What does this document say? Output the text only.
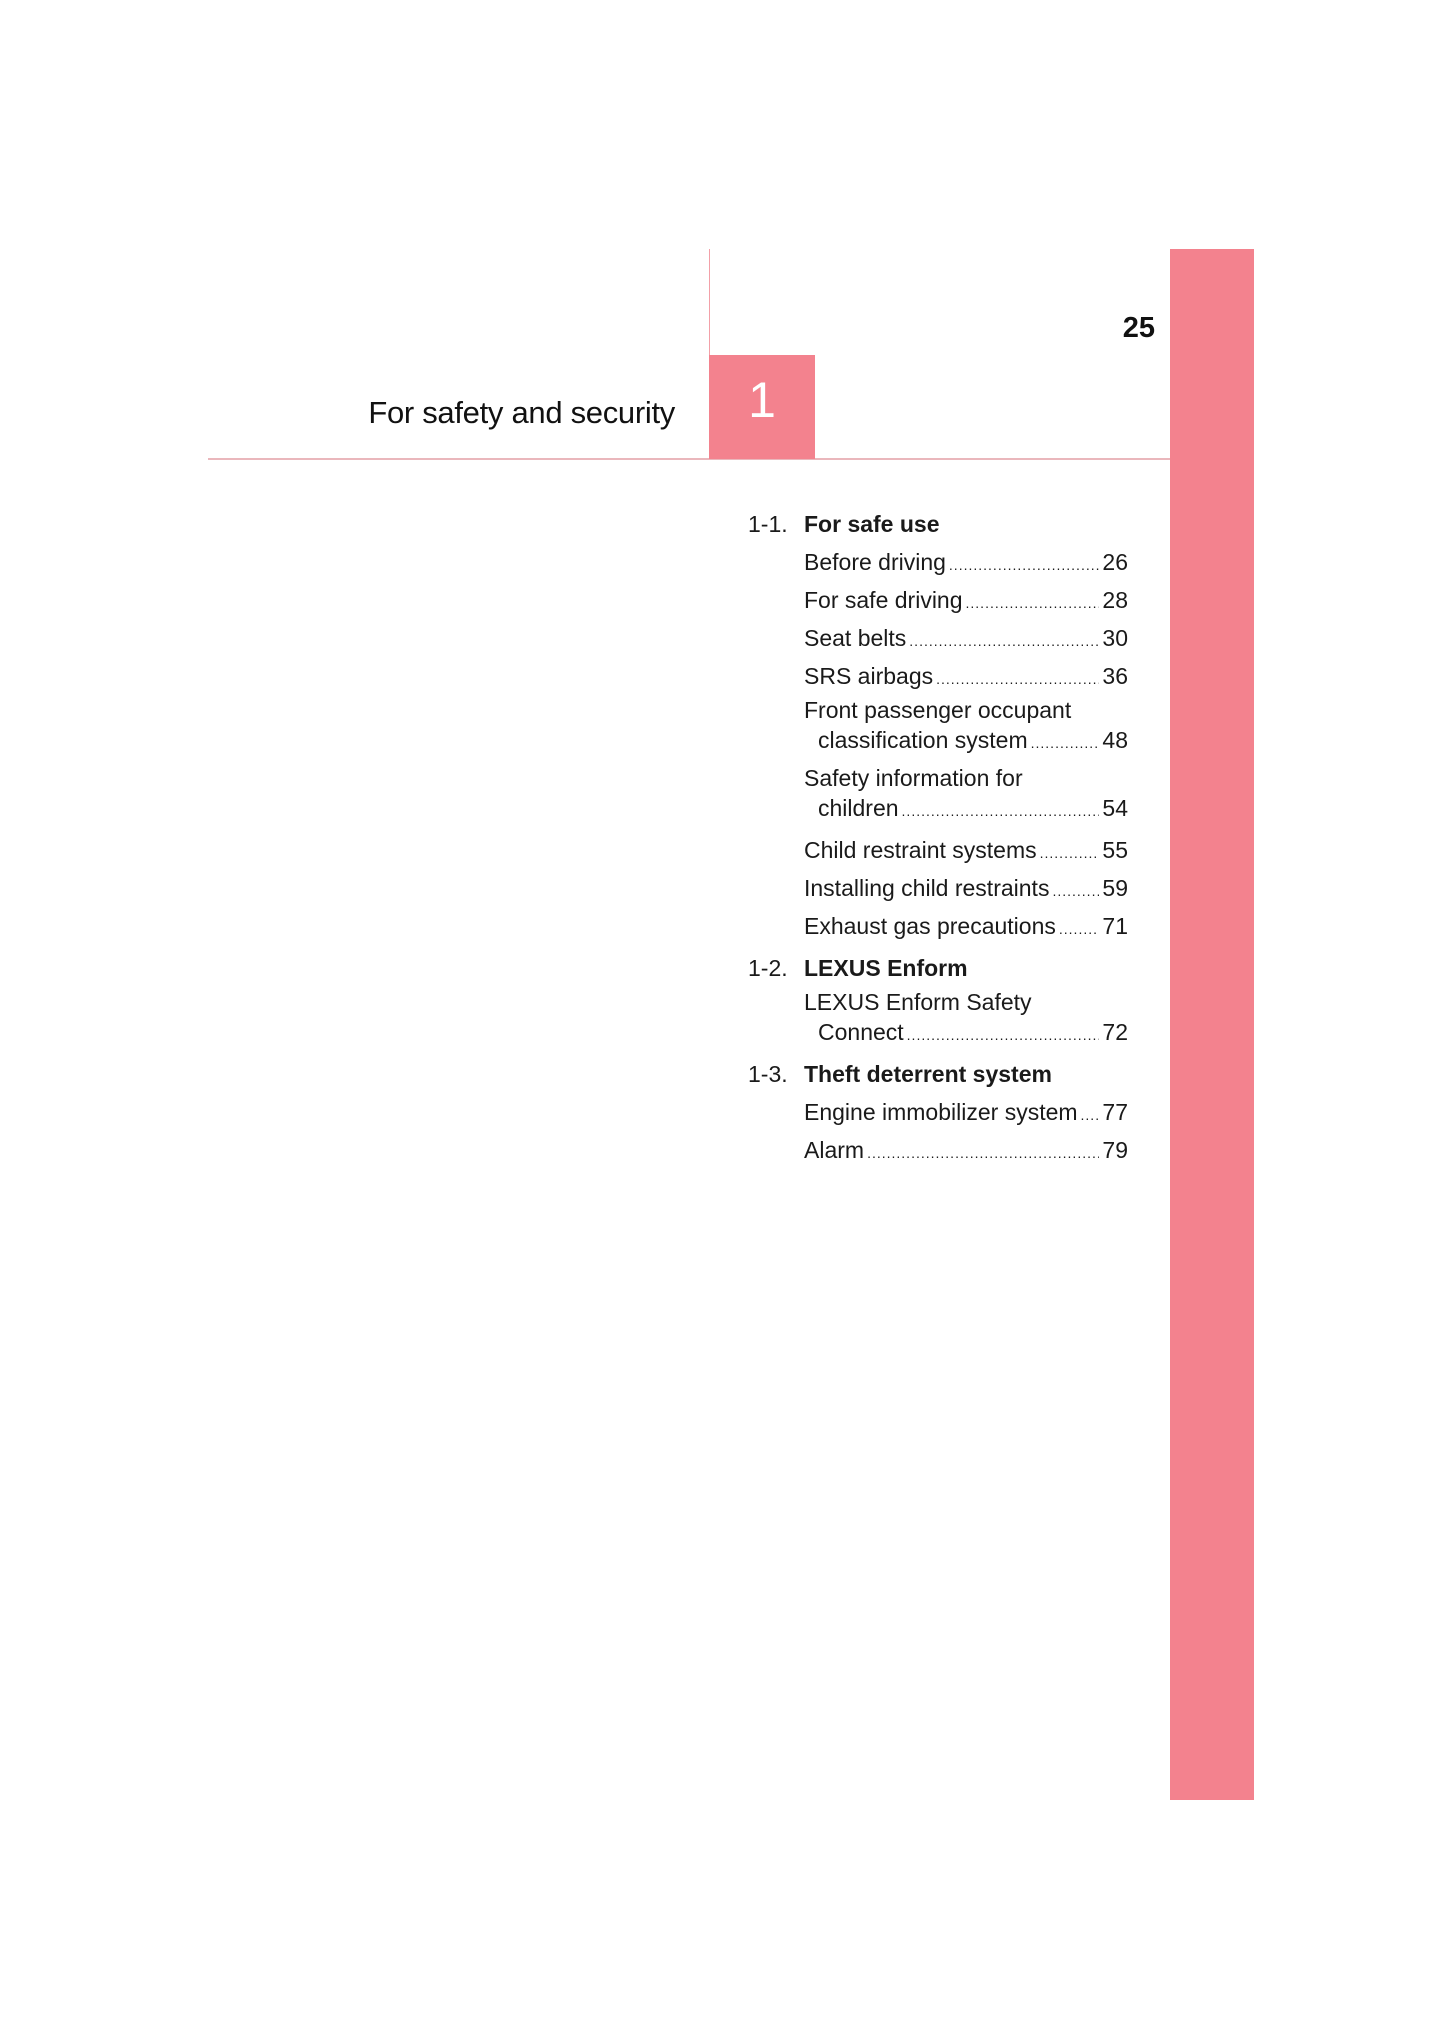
1
For safety and security
25
1-1. For safe use
Before driving .....	26
For safe driving .....	28
Seat belts .....	30
SRS airbags .....	36
Front passenger occupant
classification system .....	48
Safety information for
children .....	54
Child restraint systems .....	55
Installing child restraints ..... 59
Exhaust gas precautions ..... 71
1-2. LEXUS Enform
LEXUS Enform Safety
Connect .....	72
1-3. Theft deterrent system
Engine immobilizer system ..... 77
Alarm .....	79
